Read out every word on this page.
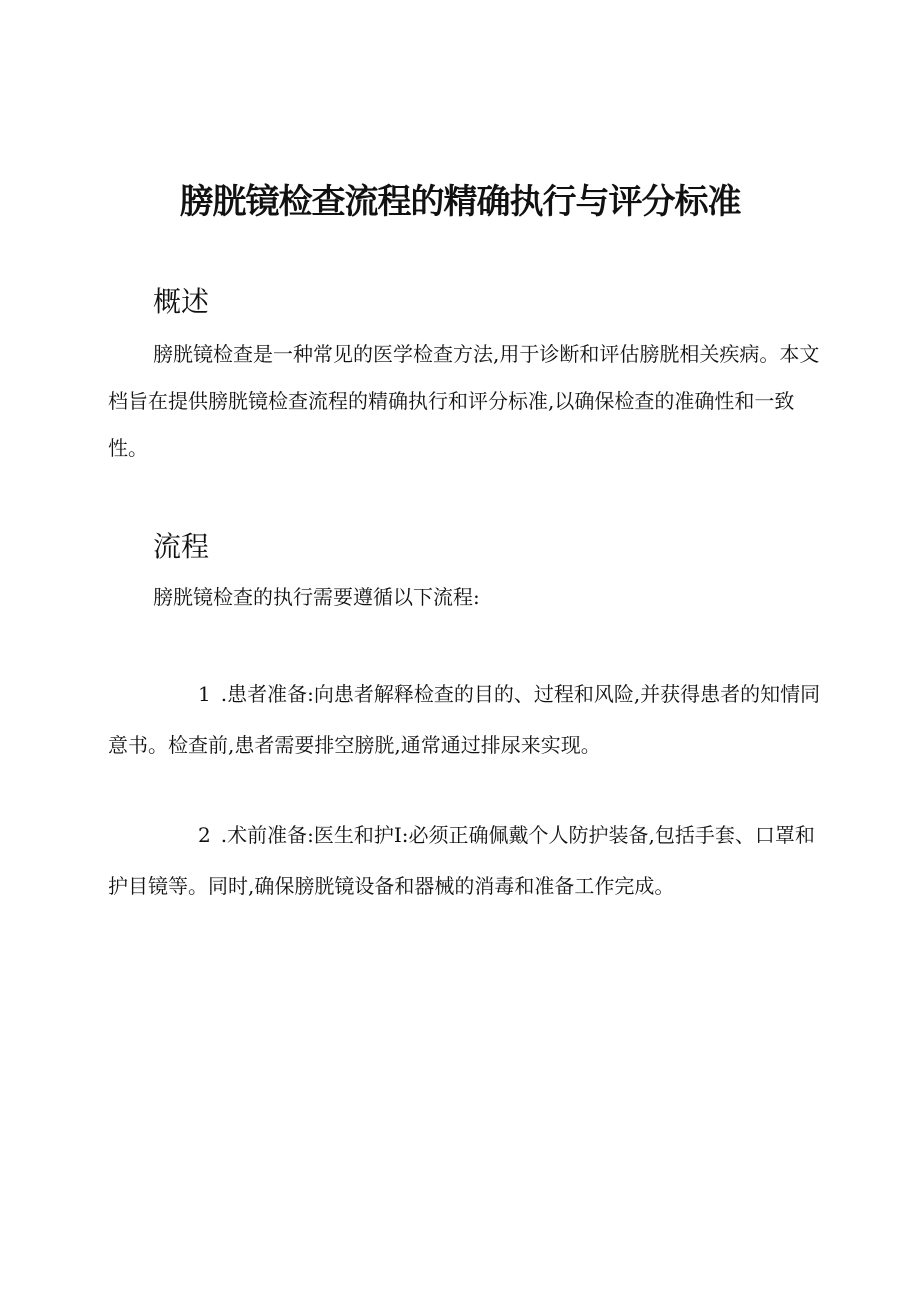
膀胱镜检查流程的精确执行与评分标准
概述

膀胱镜检查是一种常见的医学检查方法,用于诊断和评估膀胱相关疾病。本文档旨在提供膀胱镜检查流程的精确执行和评分标准,以确保检查的准确性和一致性。

流程

膀胱镜检查的执行需要遵循以下流程:

1 .患者准备:向患者解释检查的目的、过程和风险,并获得患者的知情同意书。检查前,患者需要排空膀胱,通常通过排尿来实现。

2 .术前准备:医生和护I:必须正确佩戴个人防护装备,包括手套、口罩和护目镜等。同时,确保膀胱镜设备和器械的消毒和准备工作完成。
